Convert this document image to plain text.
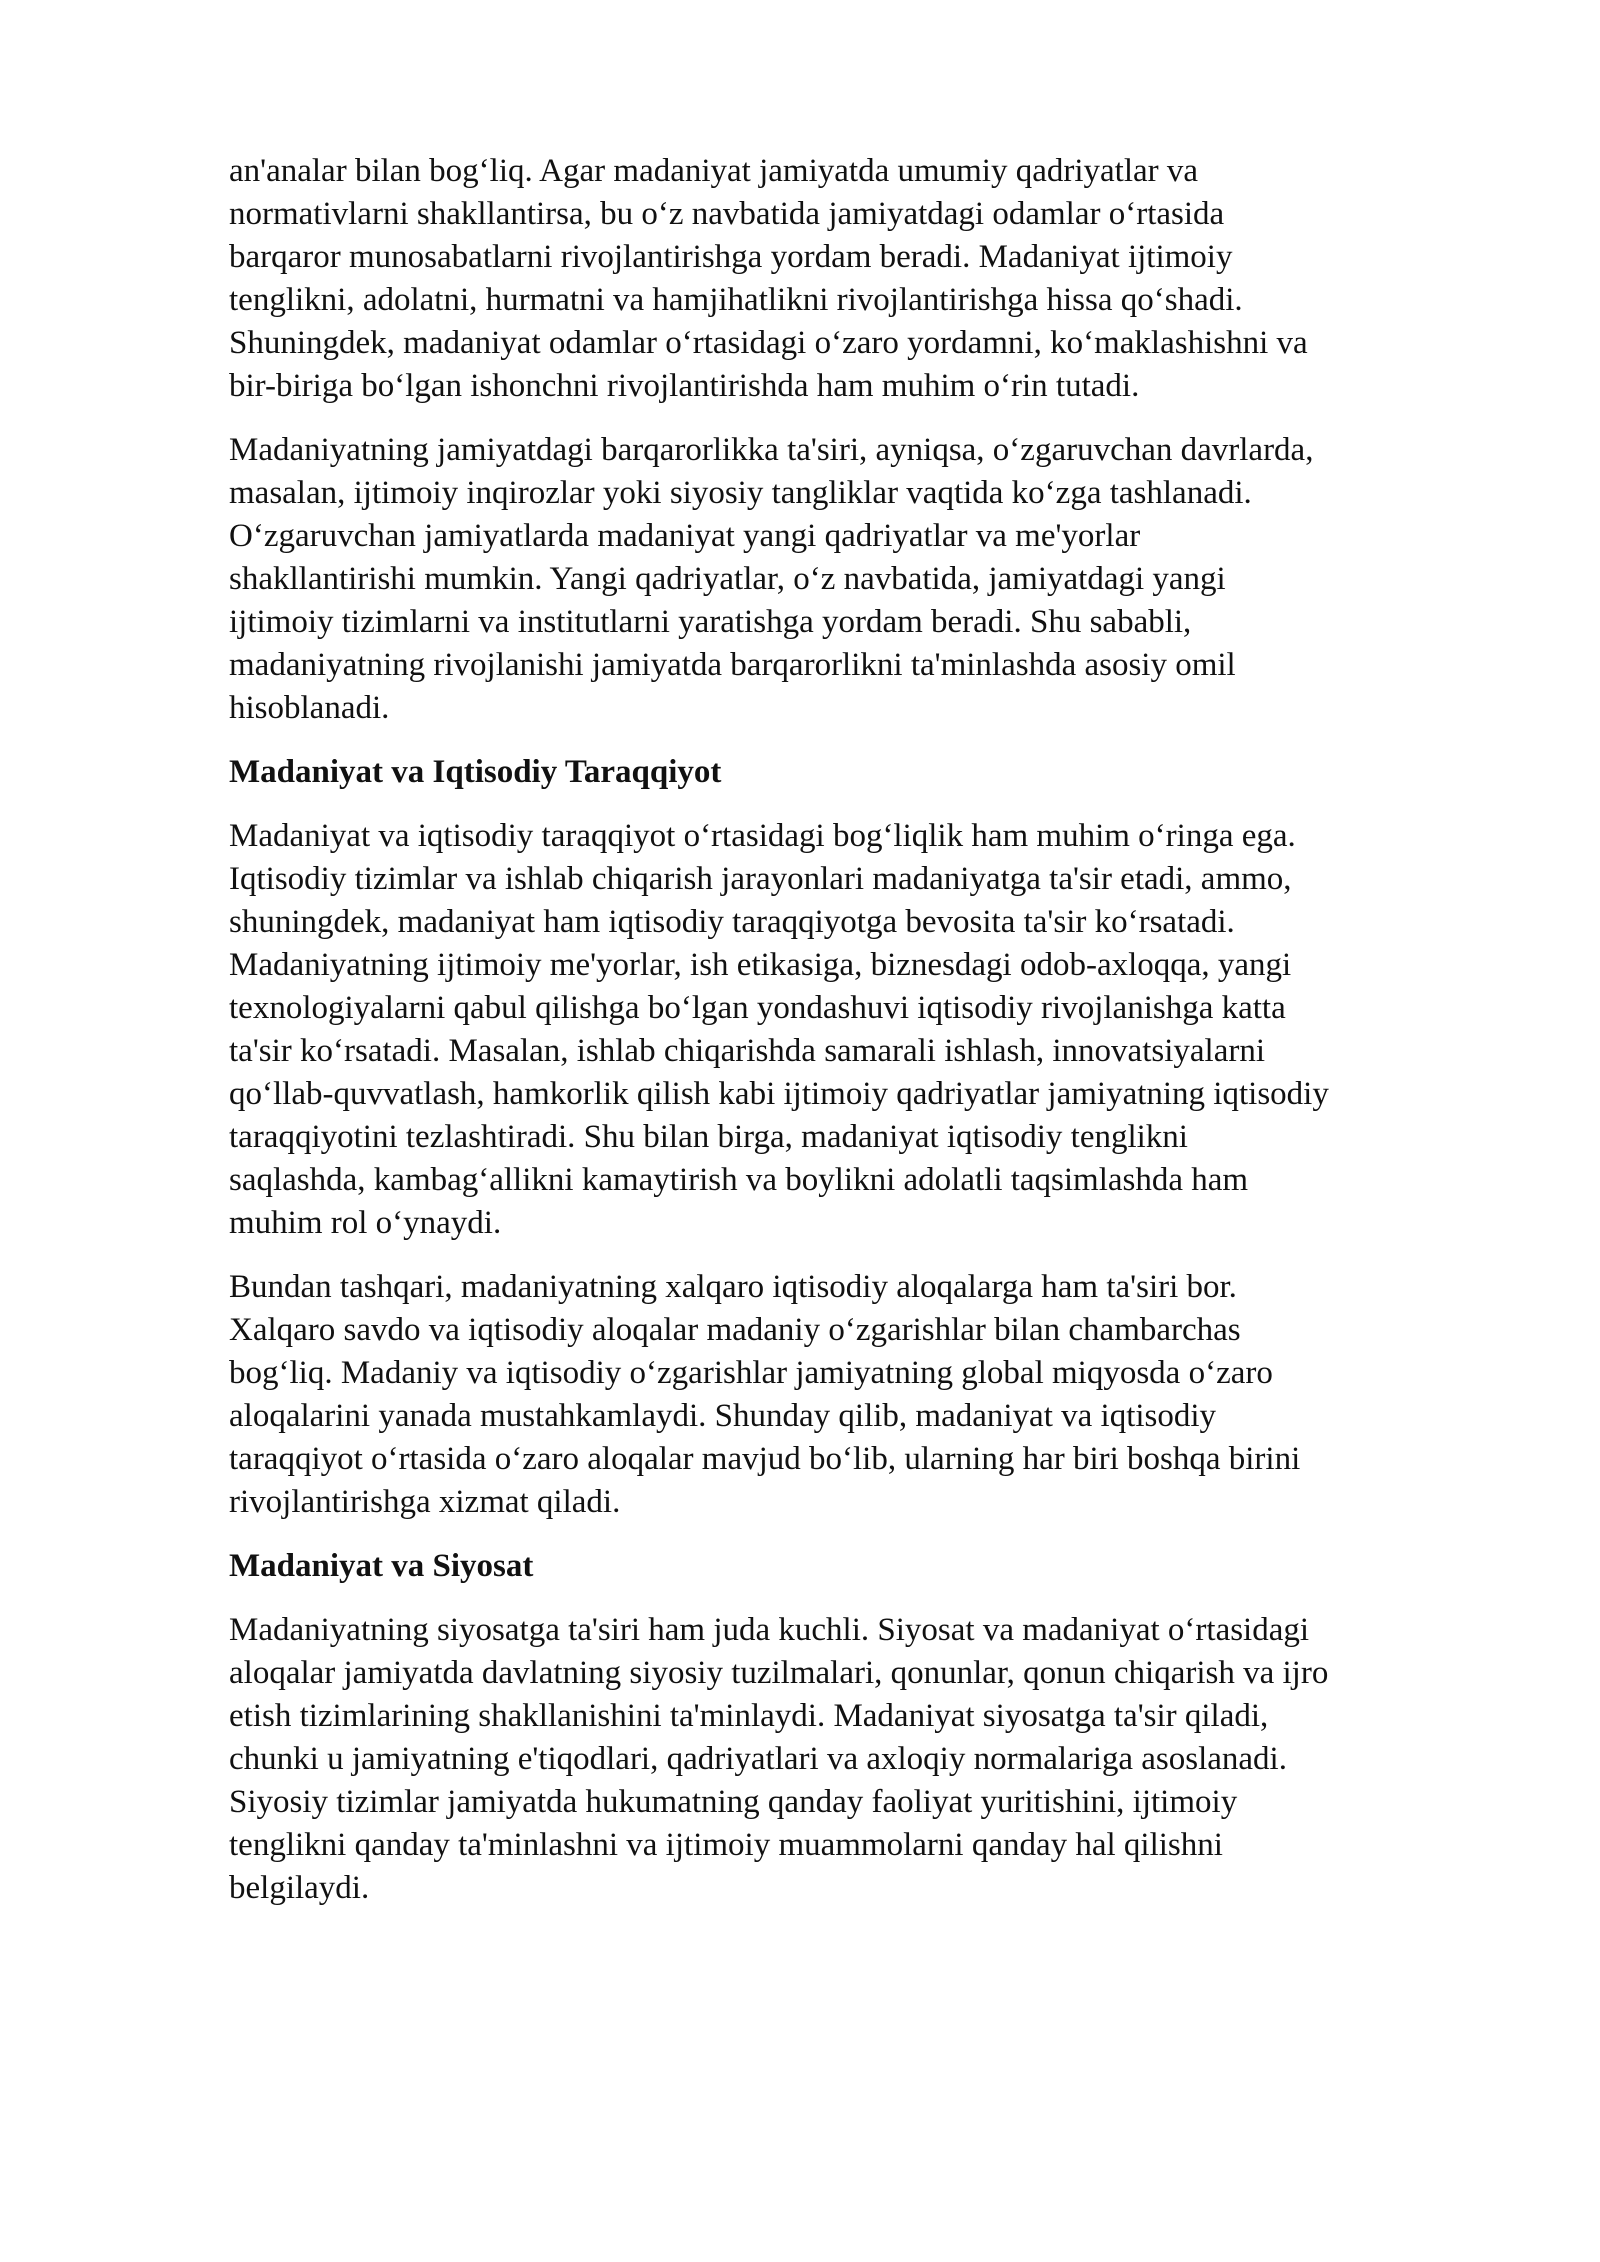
an'analar bilan bog‘liq. Agar madaniyat jamiyatda umumiy qadriyatlar va
normativlarni shakllantirsa, bu o‘z navbatida jamiyatdagi odamlar o‘rtasida
barqaror munosabatlarni rivojlantirishga yordam beradi. Madaniyat ijtimoiy
tenglikni, adolatni, hurmatni va hamjihatlikni rivojlantirishga hissa qo‘shadi.
Shuningdek, madaniyat odamlar o‘rtasidagi o‘zaro yordamni, ko‘maklashishni va
bir-biriga bo‘lgan ishonchni rivojlantirishda ham muhim o‘rin tutadi.

Madaniyatning jamiyatdagi barqarorlikka ta'siri, ayniqsa, o‘zgaruvchan davrlarda,
masalan, ijtimoiy inqirozlar yoki siyosiy tangliklar vaqtida ko‘zga tashlanadi.
O‘zgaruvchan jamiyatlarda madaniyat yangi qadriyatlar va me'yorlar
shakllantirishi mumkin. Yangi qadriyatlar, o‘z navbatida, jamiyatdagi yangi
ijtimoiy tizimlarni va institutlarni yaratishga yordam beradi. Shu sababli,
madaniyatning rivojlanishi jamiyatda barqarorlikni ta'minlashda asosiy omil
hisoblanadi.

Madaniyat va Iqtisodiy Taraqqiyot

Madaniyat va iqtisodiy taraqqiyot o‘rtasidagi bog‘liqlik ham muhim o‘ringa ega.
Iqtisodiy tizimlar va ishlab chiqarish jarayonlari madaniyatga ta'sir etadi, ammo,
shuningdek, madaniyat ham iqtisodiy taraqqiyotga bevosita ta'sir ko‘rsatadi.
Madaniyatning ijtimoiy me'yorlar, ish etikasiga, biznesdagi odob-axloqqa, yangi
texnologiyalarni qabul qilishga bo‘lgan yondashuvi iqtisodiy rivojlanishga katta
ta'sir ko‘rsatadi. Masalan, ishlab chiqarishda samarali ishlash, innovatsiyalarni
qo‘llab-quvvatlash, hamkorlik qilish kabi ijtimoiy qadriyatlar jamiyatning iqtisodiy
taraqqiyotini tezlashtiradi. Shu bilan birga, madaniyat iqtisodiy tenglikni
saqlashda, kambag‘allikni kamaytirish va boylikni adolatli taqsimlashda ham
muhim rol o‘ynaydi.

Bundan tashqari, madaniyatning xalqaro iqtisodiy aloqalarga ham ta'siri bor.
Xalqaro savdo va iqtisodiy aloqalar madaniy o‘zgarishlar bilan chambarchas
bog‘liq. Madaniy va iqtisodiy o‘zgarishlar jamiyatning global miqyosda o‘zaro
aloqalarini yanada mustahkamlaydi. Shunday qilib, madaniyat va iqtisodiy
taraqqiyot o‘rtasida o‘zaro aloqalar mavjud bo‘lib, ularning har biri boshqa birini
rivojlantirishga xizmat qiladi.

Madaniyat va Siyosat

Madaniyatning siyosatga ta'siri ham juda kuchli. Siyosat va madaniyat o‘rtasidagi
aloqalar jamiyatda davlatning siyosiy tuzilmalari, qonunlar, qonun chiqarish va ijro
etish tizimlarining shakllanishini ta'minlaydi. Madaniyat siyosatga ta'sir qiladi,
chunki u jamiyatning e'tiqodlari, qadriyatlari va axloqiy normalariga asoslanadi.
Siyosiy tizimlar jamiyatda hukumatning qanday faoliyat yuritishini, ijtimoiy
tenglikni qanday ta'minlashni va ijtimoiy muammolarni qanday hal qilishni
belgilaydi.
